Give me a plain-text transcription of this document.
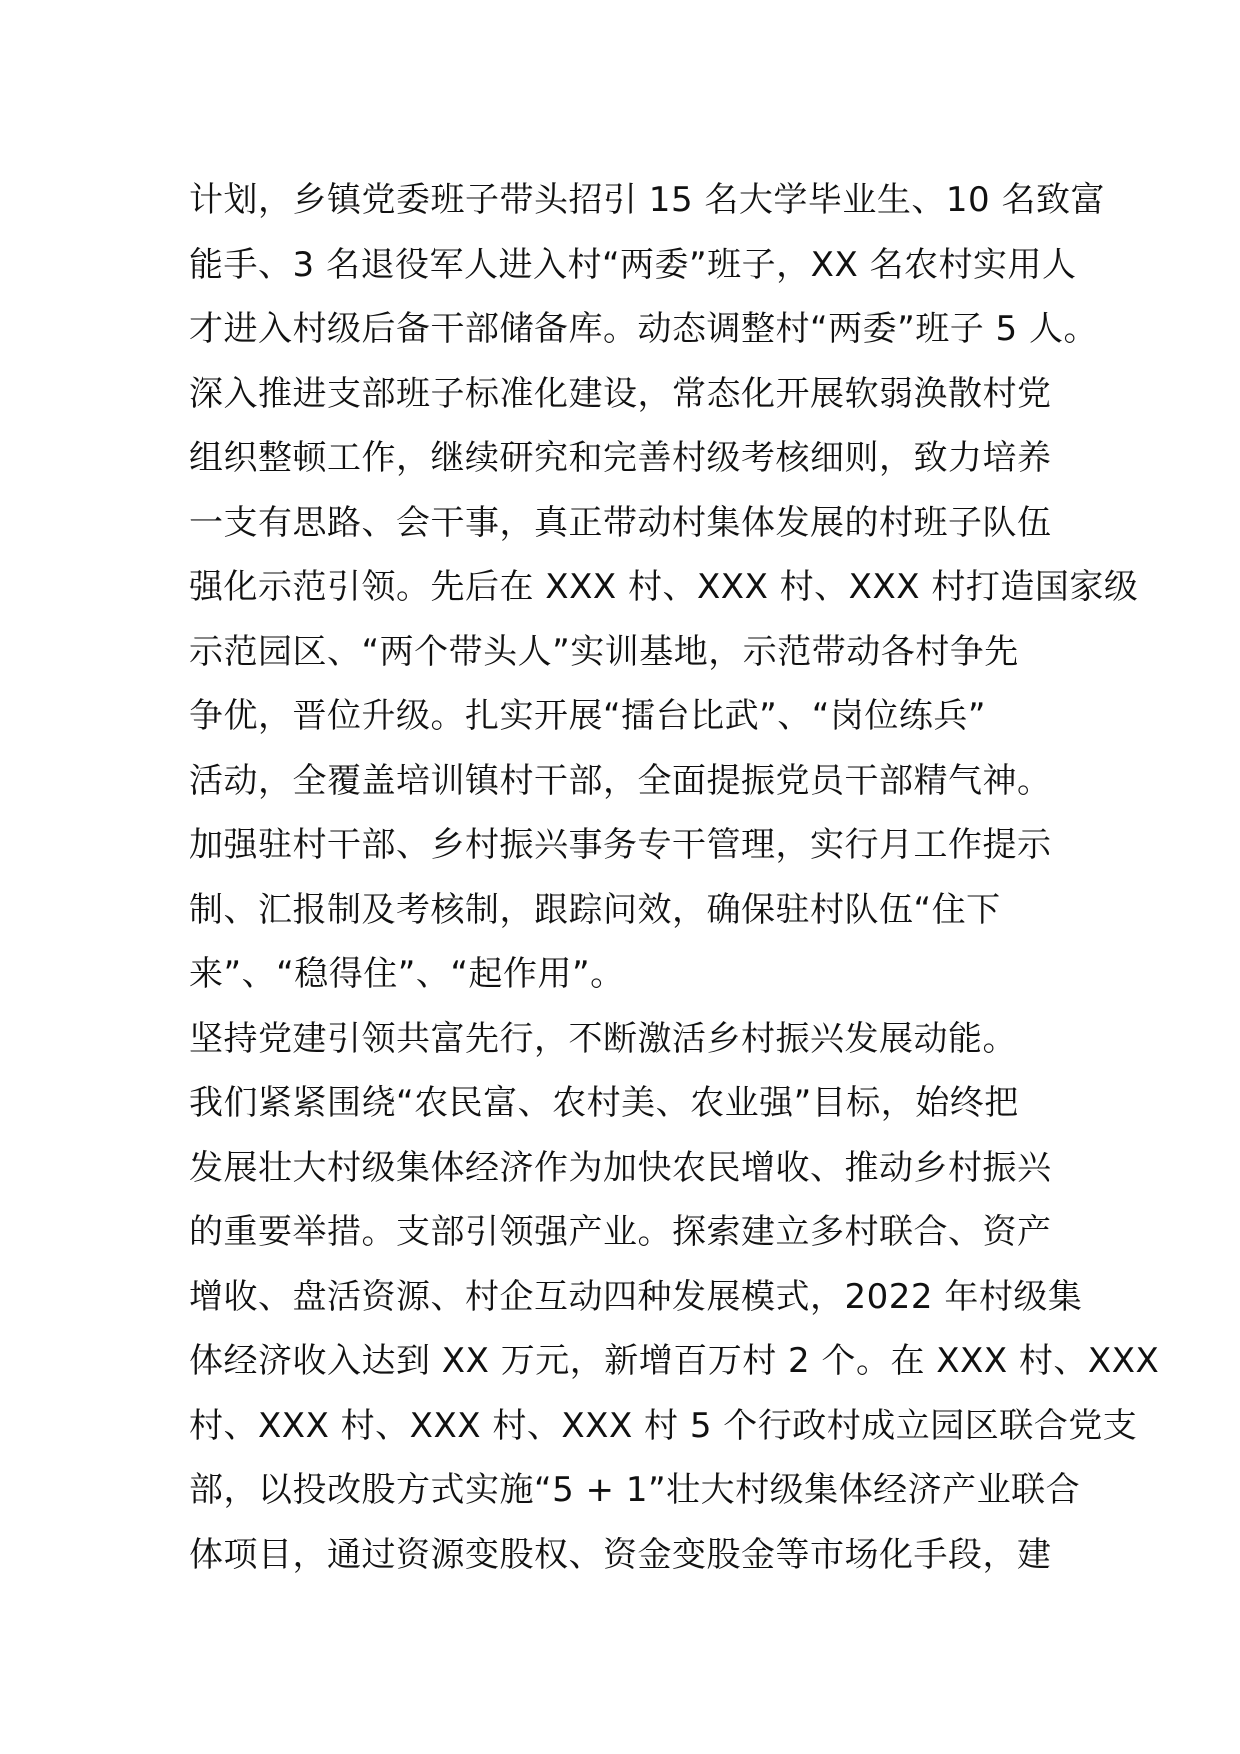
计划，乡镇党委班子带头招引 15 名大学毕业生、10 名致富
能手、3 名退役军人进入村“两委”班子，XX 名农村实用人
才进入村级后备干部储备库。动态调整村“两委”班子 5 人。
深入推进支部班子标准化建设，常态化开展软弱涣散村党
组织整顿工作，继续研究和完善村级考核细则，致力培养
一支有思路、会干事，真正带动村集体发展的村班子队伍
强化示范引领。先后在 XXX 村、XXX 村、XXX 村打造国家级
示范园区、“两个带头人”实训基地，示范带动各村争先
争优，晋位升级。扎实开展“擂台比武”、“岗位练兵”
活动，全覆盖培训镇村干部，全面提振党员干部精气神。
加强驻村干部、乡村振兴事务专干管理，实行月工作提示
制、汇报制及考核制，跟踪问效，确保驻村队伍“住下
来”、“稳得住”、“起作用”。
坚持党建引领共富先行，不断激活乡村振兴发展动能。
我们紧紧围绕“农民富、农村美、农业强”目标，始终把
发展壮大村级集体经济作为加快农民增收、推动乡村振兴
的重要举措。支部引领强产业。探索建立多村联合、资产
增收、盘活资源、村企互动四种发展模式，2022 年村级集
体经济收入达到 XX 万元，新增百万村 2 个。在 XXX 村、XXX
村、XXX 村、XXX 村、XXX 村 5 个行政村成立园区联合党支
部，以投改股方式实施“5 + 1”壮大村级集体经济产业联合
体项目，通过资源变股权、资金变股金等市场化手段，建
